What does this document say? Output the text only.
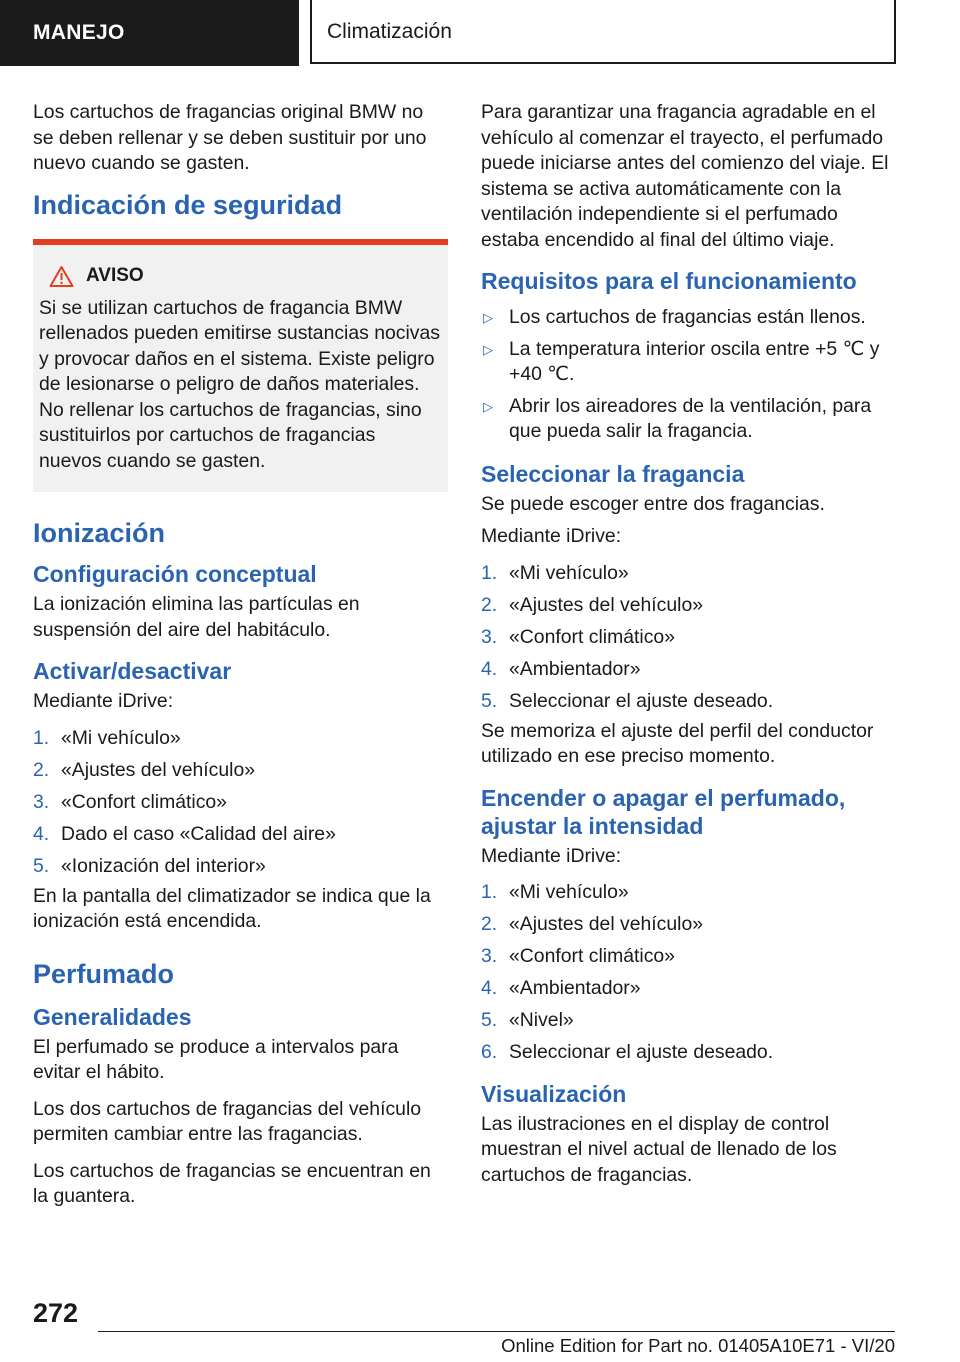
MANEJO	Climatización

Los cartuchos de fragancias original BMW no se deben rellenar y se deben sustituir por uno nuevo cuando se gasten.

Indicación de seguridad
AVISO

Si se utilizan cartuchos de fragancia BMW rellenados pueden emitirse sustancias nocivas y provocar daños en el sistema. Existe peligro de lesionarse o peligro de daños materiales. No rellenar los cartuchos de fragancias, sino sustituirlos por cartuchos de fragancias nuevos cuando se gasten.

Ionización
Configuración conceptual

La ionización elimina las partículas en suspensión del aire del habitáculo.

Activar/desactivar

Mediante iDrive:

1. «Mi vehículo»
2. «Ajustes del vehículo»
3. «Confort climático»
4. Dado el caso «Calidad del aire»
5. «Ionización del interior»

En la pantalla del climatizador se indica que la ionización está encendida.

Perfumado
Generalidades

El perfumado se produce a intervalos para evitar el hábito.

Los dos cartuchos de fragancias del vehículo permiten cambiar entre las fragancias.

Los cartuchos de fragancias se encuentran en la guantera.

Para garantizar una fragancia agradable en el vehículo al comenzar el trayecto, el perfumado puede iniciarse antes del comienzo del viaje. El sistema se activa automáticamente con la ventilación independiente si el perfumado estaba encendido al final del último viaje.

Requisitos para el funcionamiento
▷ Los cartuchos de fragancias están llenos.
▷ La temperatura interior oscila entre +5 ℃ y +40 ℃.
▷ Abrir los aireadores de la ventilación, para que pueda salir la fragancia.
Seleccionar la fragancia

Se puede escoger entre dos fragancias.

Mediante iDrive:

1. «Mi vehículo»
2. «Ajustes del vehículo»
3. «Confort climático»
4. «Ambientador»
5. Seleccionar el ajuste deseado.

Se memoriza el ajuste del perfil del conductor utilizado en ese preciso momento.

Encender o apagar el perfumado, ajustar la intensidad

Mediante iDrive:

1. «Mi vehículo»
2. «Ajustes del vehículo»
3. «Confort climático»
4. «Ambientador»
5. «Nivel»
6. Seleccionar el ajuste deseado.
Visualización

Las ilustraciones en el display de control muestran el nivel actual de llenado de los cartuchos de fragancias.

272
Online Edition for Part no. 01405A10E71 - VI/20
